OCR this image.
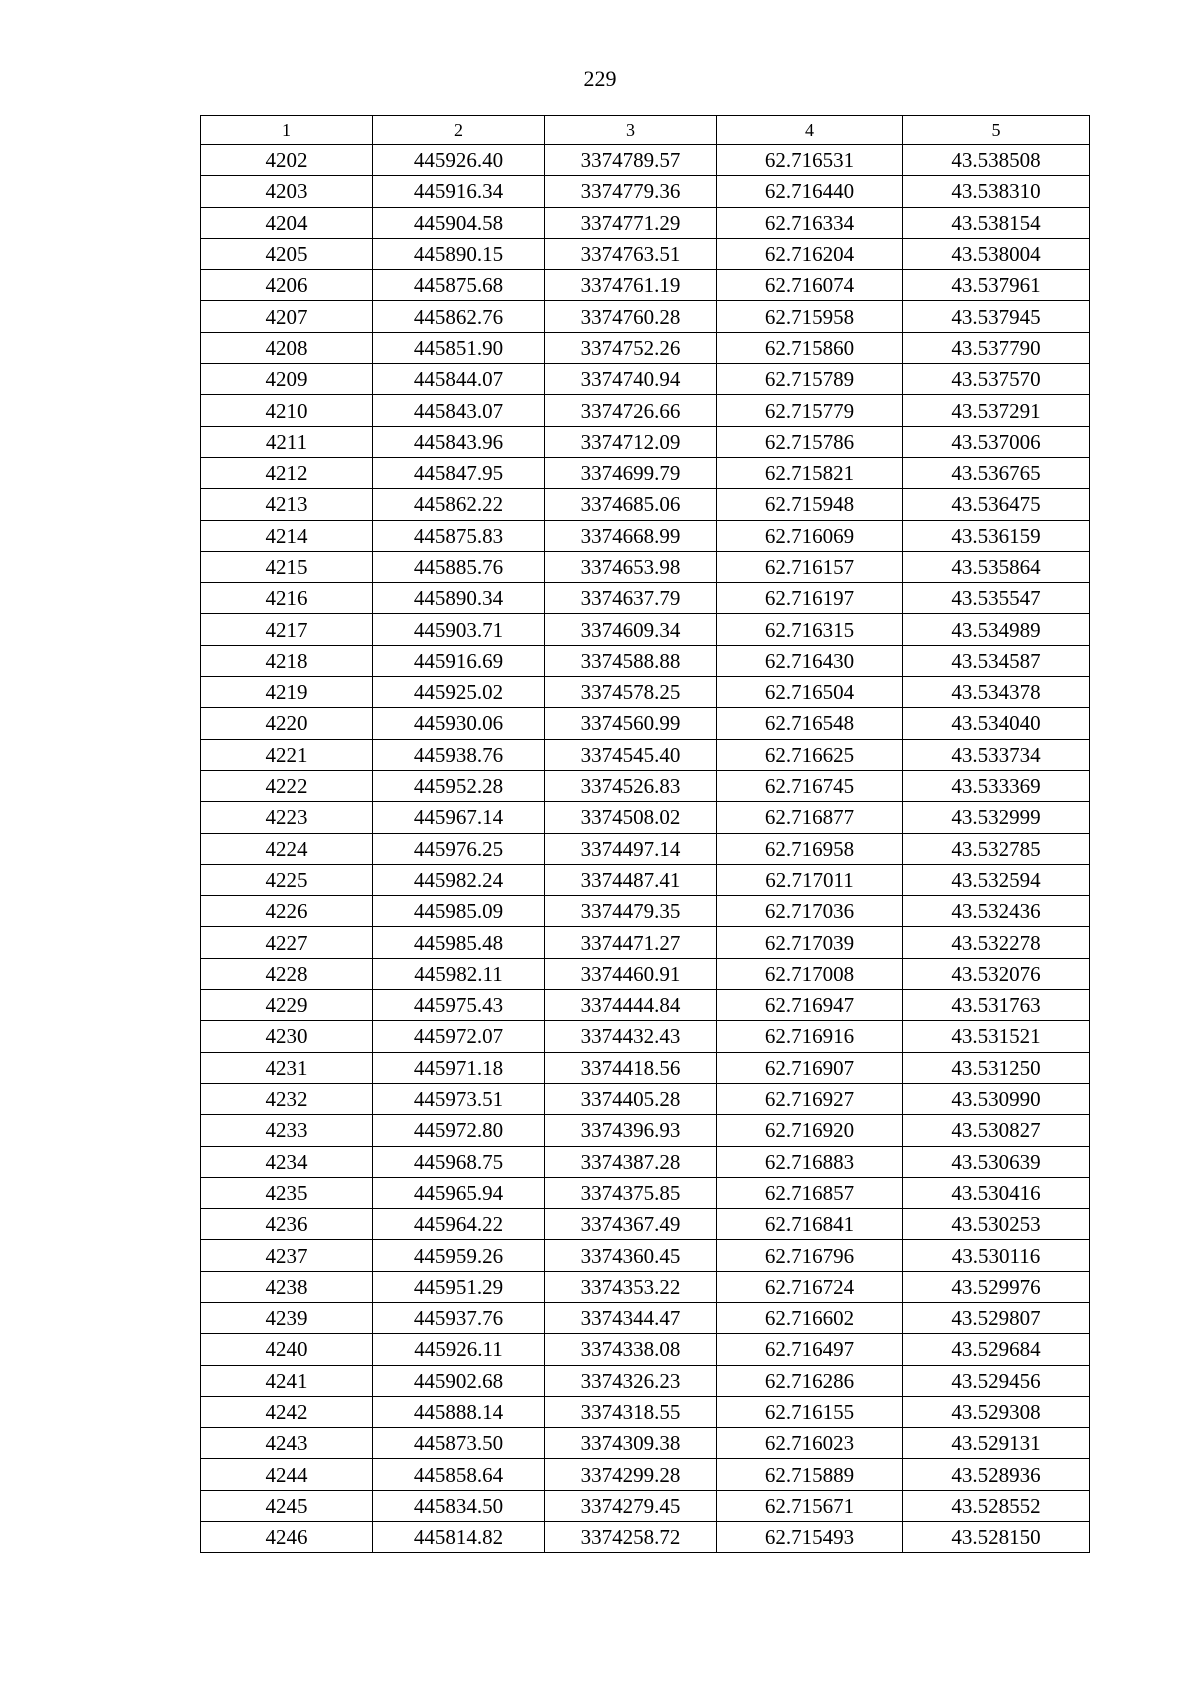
229
1	2	3	4	5
4202	445926.40	3374789.57	62.716531	43.538508
4203	445916.34	3374779.36	62.716440	43.538310
4204	445904.58	3374771.29	62.716334	43.538154
4205	445890.15	3374763.51	62.716204	43.538004
4206	445875.68	3374761.19	62.716074	43.537961
4207	445862.76	3374760.28	62.715958	43.537945
4208	445851.90	3374752.26	62.715860	43.537790
4209	445844.07	3374740.94	62.715789	43.537570
4210	445843.07	3374726.66	62.715779	43.537291
4211	445843.96	3374712.09	62.715786	43.537006
4212	445847.95	3374699.79	62.715821	43.536765
4213	445862.22	3374685.06	62.715948	43.536475
4214	445875.83	3374668.99	62.716069	43.536159
4215	445885.76	3374653.98	62.716157	43.535864
4216	445890.34	3374637.79	62.716197	43.535547
4217	445903.71	3374609.34	62.716315	43.534989
4218	445916.69	3374588.88	62.716430	43.534587
4219	445925.02	3374578.25	62.716504	43.534378
4220	445930.06	3374560.99	62.716548	43.534040
4221	445938.76	3374545.40	62.716625	43.533734
4222	445952.28	3374526.83	62.716745	43.533369
4223	445967.14	3374508.02	62.716877	43.532999
4224	445976.25	3374497.14	62.716958	43.532785
4225	445982.24	3374487.41	62.717011	43.532594
4226	445985.09	3374479.35	62.717036	43.532436
4227	445985.48	3374471.27	62.717039	43.532278
4228	445982.11	3374460.91	62.717008	43.532076
4229	445975.43	3374444.84	62.716947	43.531763
4230	445972.07	3374432.43	62.716916	43.531521
4231	445971.18	3374418.56	62.716907	43.531250
4232	445973.51	3374405.28	62.716927	43.530990
4233	445972.80	3374396.93	62.716920	43.530827
4234	445968.75	3374387.28	62.716883	43.530639
4235	445965.94	3374375.85	62.716857	43.530416
4236	445964.22	3374367.49	62.716841	43.530253
4237	445959.26	3374360.45	62.716796	43.530116
4238	445951.29	3374353.22	62.716724	43.529976
4239	445937.76	3374344.47	62.716602	43.529807
4240	445926.11	3374338.08	62.716497	43.529684
4241	445902.68	3374326.23	62.716286	43.529456
4242	445888.14	3374318.55	62.716155	43.529308
4243	445873.50	3374309.38	62.716023	43.529131
4244	445858.64	3374299.28	62.715889	43.528936
4245	445834.50	3374279.45	62.715671	43.528552
4246	445814.82	3374258.72	62.715493	43.528150
